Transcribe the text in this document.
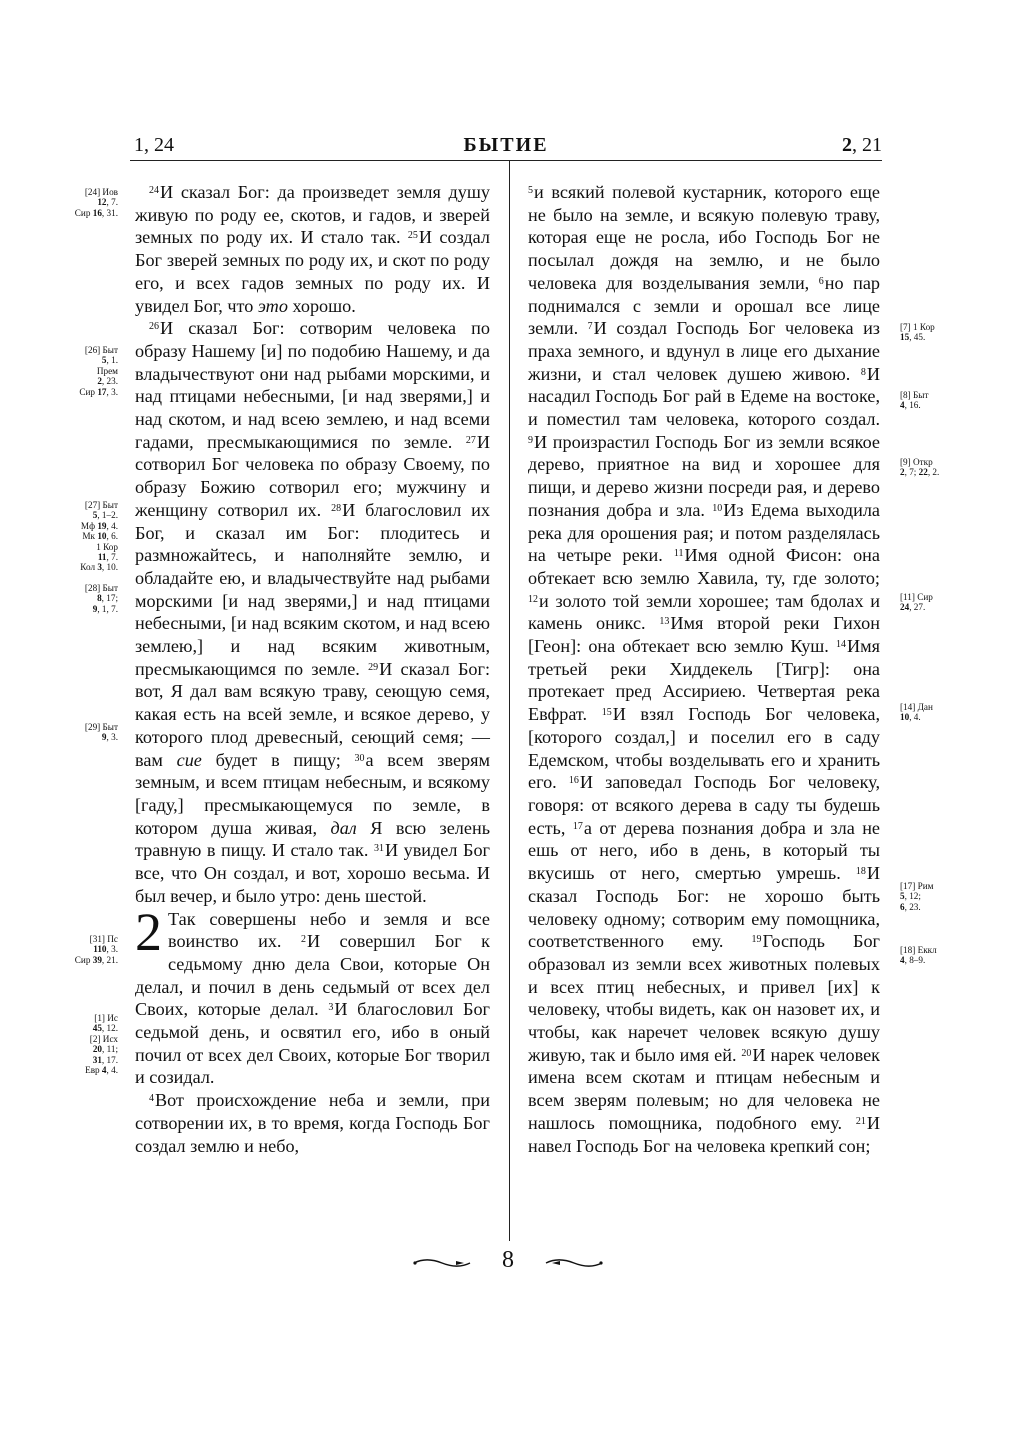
1, 24	БЫТИЕ	2, 21
[24] Иов
12, 7.
Сир 16, 31.
[26] Быт
5, 1.
Прем
2, 23.
Сир 17, 3.
[27] Быт
5, 1–2.
Мф 19, 4.
Мк 10, 6.
1 Кор
11, 7.
Кол 3, 10.
[28] Быт
8, 17;
9, 1, 7.
[29] Быт
9, 3.
[31] Пс
110, 3.
Сир 39, 21.
[1] Ис
45, 12.
[2] Исх
20, 11;
31, 17.
Евр 4, 4.
[7] 1 Кор
15, 45.
[8] Быт
4, 16.
[9] Откр
2, 7; 22, 2.
[11] Сир
24, 27.
[14] Дан
10, 4.
[17] Рим
5, 12;
6, 23.
[18] Еккл
4, 8–9.

$^{24}$И сказал Бог: да произведет земля душу живую по роду ее, скотов, и гадов, и зверей земных по роду их. И стало так. $^{25}$И создал Бог зверей земных по роду их, и скот по роду его, и всех гадов земных по роду их. И увидел Бог, что это хорошо.

$^{26}$И сказал Бог: сотворим человека по образу Нашему [и] по подобию Нашему, и да владычествуют они над рыбами морскими, и над птицами небесными, [и над зверями,] и над скотом, и над всею землею, и над всеми гадами, пресмыкающимися по земле. $^{27}$И сотворил Бог человека по образу Своему, по образу Божию сотворил его; мужчину и женщину сотворил их. $^{28}$И благословил их Бог, и сказал им Бог: плодитесь и размножайтесь, и наполняйте землю, и обладайте ею, и владычествуйте над рыбами морскими [и над зверями,] и над птицами небесными, [и над всяким скотом, и над всею землею,] и над всяким животным, пресмыкающимся по земле. $^{29}$И сказал Бог: вот, Я дал вам всякую траву, сеющую семя, какая есть на всей земле, и всякое дерево, у которого плод древесный, сеющий семя; — вам сие будет в пищу; $^{30}$а всем зверям земным, и всем птицам небесным, и всякому [гаду,] пресмыкающемуся по земле, в котором душа живая, дал Я всю зелень травную в пищу. И стало так. $^{31}$И увидел Бог все, что Он создал, и вот, хорошо весьма. И был вечер, и было утро: день шестой.

2 Так совершены небо и земля и все воинство их. $^2$И совершил Бог к седьмому дню дела Свои, которые Он делал, и почил в день седьмый от всех дел Своих, которые делал. $^3$И благословил Бог седьмой день, и освятил его, ибо в оный почил от всех дел Своих, которые Бог творил и созидал.

$^4$Вот происхождение неба и земли, при сотворении их, в то время, когда Господь Бог создал землю и небо,

$^5$и всякий полевой кустарник, которого еще не было на земле, и всякую полевую траву, которая еще не росла, ибо Господь Бог не посылал дождя на землю, и не было человека для возделывания земли, $^6$но пар поднимался с земли и орошал все лице земли. $^7$И создал Господь Бог человека из праха земного, и вдунул в лице его дыхание жизни, и стал человек душею живою. $^8$И насадил Господь Бог рай в Едеме на востоке, и поместил там человека, которого создал. $^9$И произрастил Господь Бог из земли всякое дерево, приятное на вид и хорошее для пищи, и дерево жизни посреди рая, и дерево познания добра и зла. $^{10}$Из Едема выходила река для орошения рая; и потом разделялась на четыре реки. $^{11}$Имя одной Фисон: она обтекает всю землю Хавила, ту, где золото; $^{12}$и золото той земли хорошее; там бдолах и камень оникс. $^{13}$Имя второй реки Гихон [Геон]: она обтекает всю землю Куш. $^{14}$Имя третьей реки Хиддекель [Тигр]: она протекает пред Ассириею. Четвертая река Евфрат. $^{15}$И взял Господь Бог человека, [которого создал,] и поселил его в саду Едемском, чтобы возделывать его и хранить его. $^{16}$И заповедал Господь Бог человеку, говоря: от всякого дерева в саду ты будешь есть, $^{17}$а от дерева познания добра и зла не ешь от него, ибо в день, в который ты вкусишь от него, смертью умрешь. $^{18}$И сказал Господь Бог: не хорошо быть человеку одному; сотворим ему помощника, соответственного ему. $^{19}$Господь Бог образовал из земли всех животных полевых и всех птиц небесных, и привел [их] к человеку, чтобы видеть, как он назовет их, и чтобы, как наречет человек всякую душу живую, так и было имя ей. $^{20}$И нарек человек имена всем скотам и птицам небесным и всем зверям полевым; но для человека не нашлось помощника, подобного ему. $^{21}$И навел Господь Бог на человека крепкий сон;

8
